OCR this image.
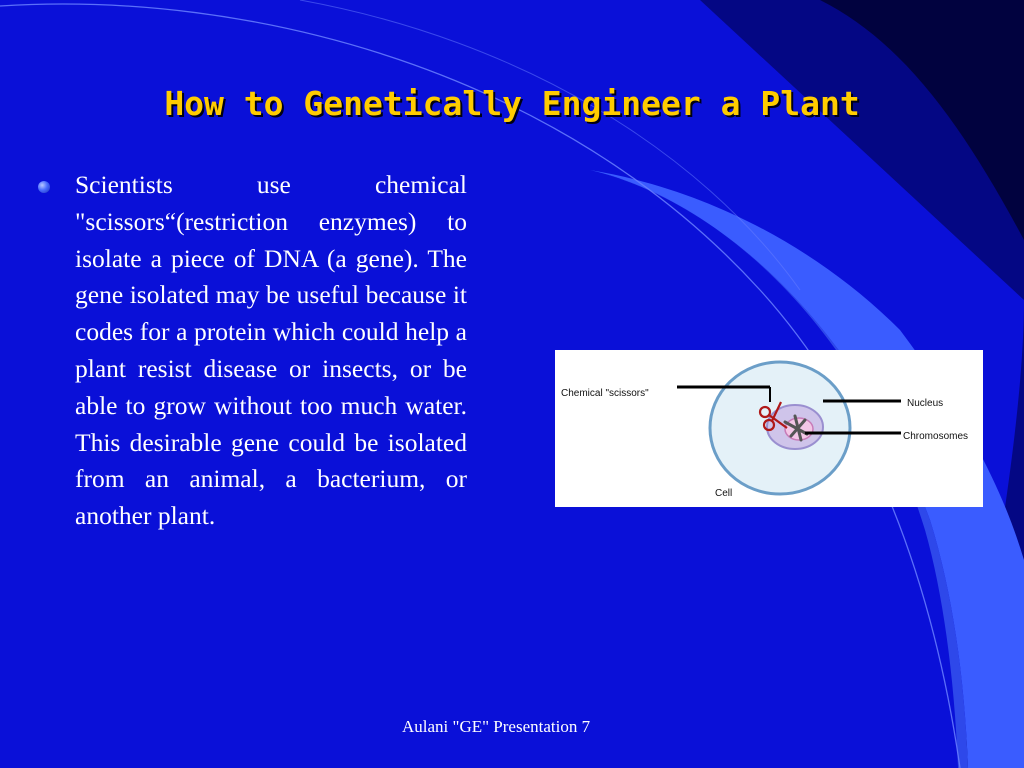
How to Genetically Engineer a Plant
Scientists use chemical "scissors“(restriction enzymes) to isolate a piece of DNA (a gene). The gene isolated may be useful because it codes for a protein which could help a plant resist disease or insects, or be able to grow without too much water. This desirable gene could be isolated from an animal, a bacterium, or another plant.
Chemical "scissors"
Nucleus
Chromosomes
Cell
Aulani "GE" Presentation 7
